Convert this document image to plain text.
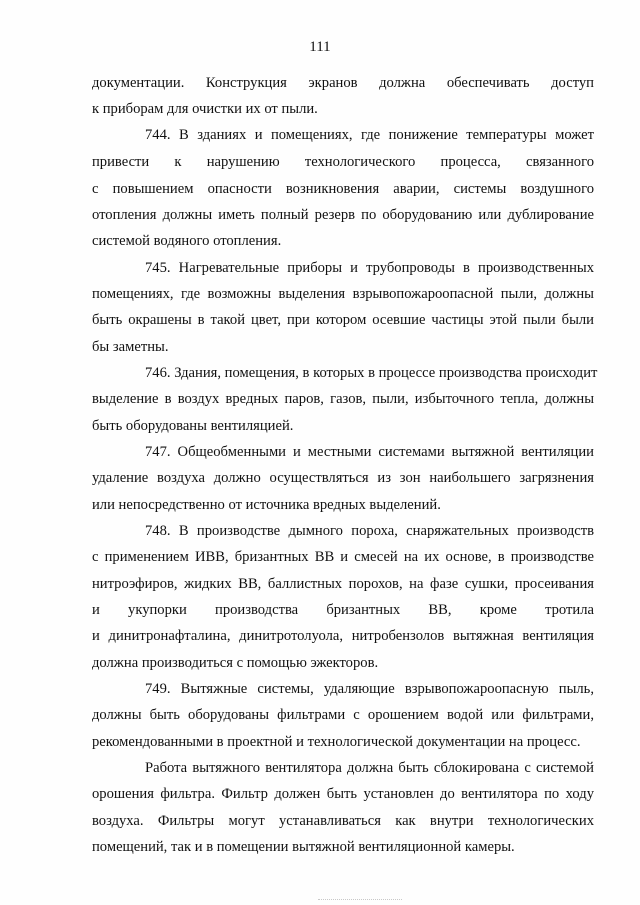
111
документации. Конструкция экранов должна обеспечивать доступ
к приборам для очистки их от пыли.
744. В зданиях и помещениях, где понижение температуры может
привести к нарушению технологического процесса, связанного
с повышением опасности возникновения аварии, системы воздушного
отопления должны иметь полный резерв по оборудованию или дублирование
системой водяного отопления.
745. Нагревательные приборы и трубопроводы в производственных
помещениях, где возможны выделения взрывопожароопасной пыли, должны
быть окрашены в такой цвет, при котором осевшие частицы этой пыли были
бы заметны.
746. Здания, помещения, в которых в процессе производства происходит
выделение в воздух вредных паров, газов, пыли, избыточного тепла, должны
быть оборудованы вентиляцией.
747. Общеобменными и местными системами вытяжной вентиляции
удаление воздуха должно осуществляться из зон наибольшего загрязнения
или непосредственно от источника вредных выделений.
748. В производстве дымного пороха, снаряжательных производств
с применением ИВВ, бризантных ВВ и смесей на их основе, в производстве
нитроэфиров, жидких ВВ, баллистных порохов, на фазе сушки, просеивания
и укупорки производства бризантных ВВ, кроме тротила
и динитронафталина, динитротолуола, нитробензолов вытяжная вентиляция
должна производиться с помощью эжекторов.
749. Вытяжные системы, удаляющие взрывопожароопасную пыль,
должны быть оборудованы фильтрами с орошением водой или фильтрами,
рекомендованными в проектной и технологической документации на процесс.
Работа вытяжного вентилятора должна быть сблокирована с системой
орошения фильтра. Фильтр должен быть установлен до вентилятора по ходу
воздуха. Фильтры могут устанавливаться как внутри технологических
помещений, так и в помещении вытяжной вентиляционной камеры.
